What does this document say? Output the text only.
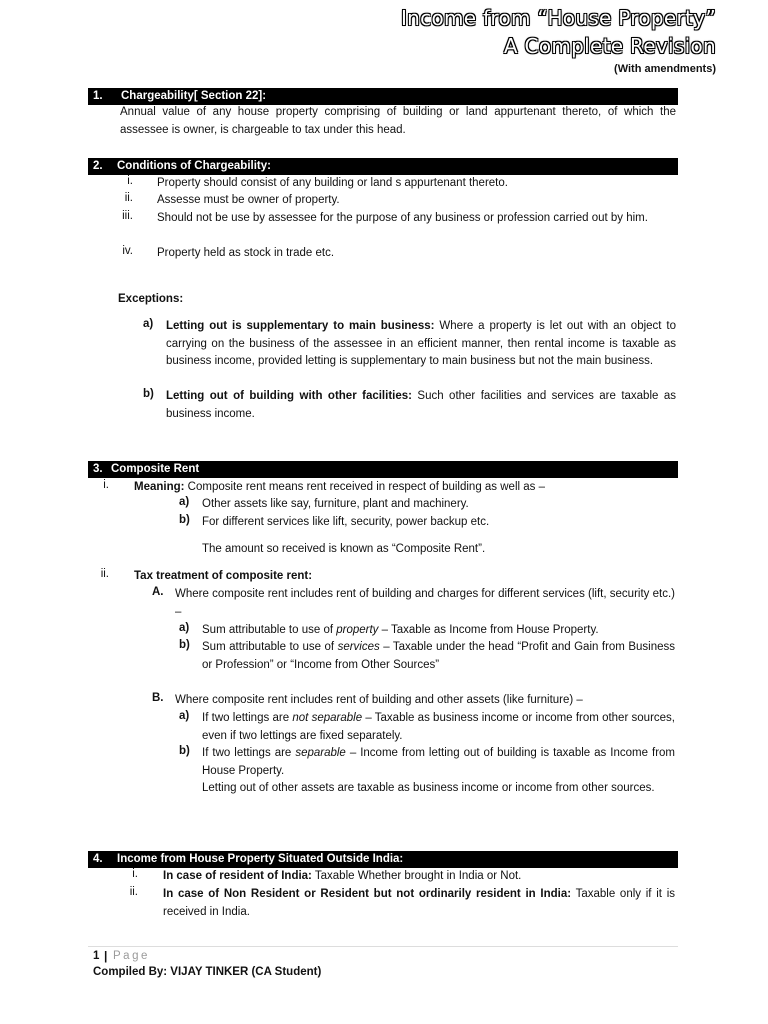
Income from “House Property”
A Complete Revision
(With amendments)
1. Chargeability[ Section 22]:
Annual value of any house property comprising of building or land appurtenant thereto, of which the assessee is owner, is chargeable to tax under this head.
2. Conditions of Chargeability:
i. Property should consist of any building or land s appurtenant thereto.
ii. Assesse must be owner of property.
iii. Should not be use by assessee for the purpose of any business or profession carried out by him.
iv. Property held as stock in trade etc.
Exceptions:
a) Letting out is supplementary to main business: Where a property is let out with an object to carrying on the business of the assessee in an efficient manner, then rental income is taxable as business income, provided letting is supplementary to main business but not the main business.
b) Letting out of building with other facilities: Such other facilities and services are taxable as business income.
3. Composite Rent
i. Meaning: Composite rent means rent received in respect of building as well as –
a) Other assets like say, furniture, plant and machinery.
b) For different services like lift, security, power backup etc.
The amount so received is known as “Composite Rent”.
ii. Tax treatment of composite rent:
A. Where composite rent includes rent of building and charges for different services (lift, security etc.) –
a) Sum attributable to use of property – Taxable as Income from House Property.
b) Sum attributable to use of services – Taxable under the head “Profit and Gain from Business or Profession” or “Income from Other Sources”
B. Where composite rent includes rent of building and other assets (like furniture) –
a) If two lettings are not separable – Taxable as business income or income from other sources, even if two lettings are fixed separately.
b) If two lettings are separable – Income from letting out of building is taxable as Income from House Property.
Letting out of other assets are taxable as business income or income from other sources.
4. Income from House Property Situated Outside India:
i. In case of resident of India: Taxable Whether brought in India or Not.
ii. In case of Non Resident or Resident but not ordinarily resident in India: Taxable only if it is received in India.
1 | Page
Compiled By: VIJAY TINKER (CA Student)
